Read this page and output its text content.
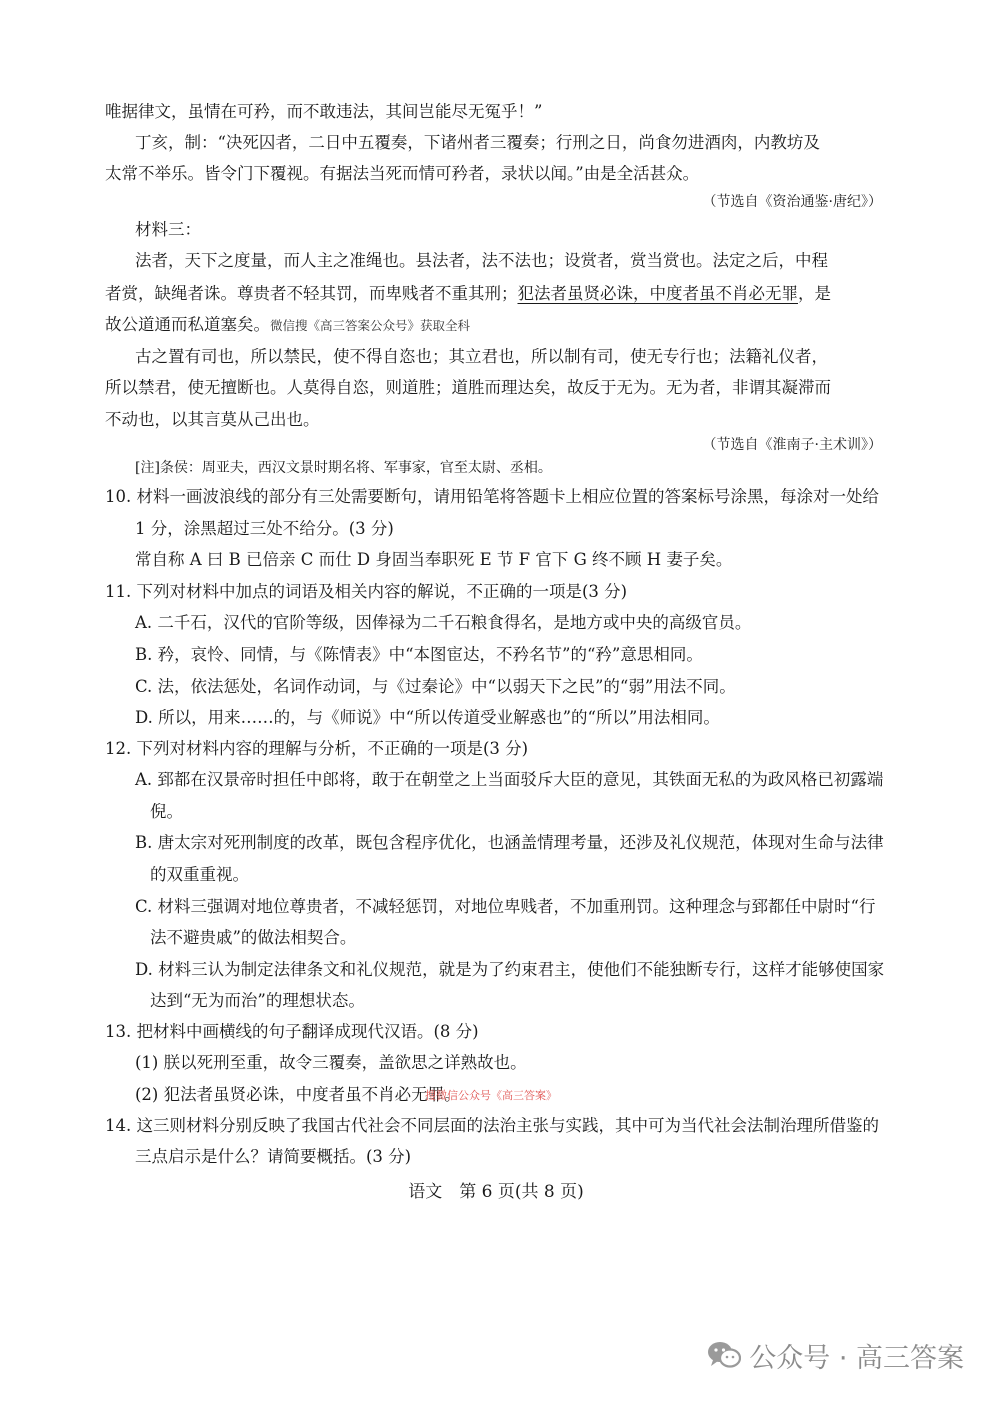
唯据律文，虽情在可矜，而不敢违法，其间岂能尽无冤乎！”
丁亥，制：“决死囚者，二日中五覆奏，下诸州者三覆奏；行刑之日，尚食勿进酒肉，内教坊及
太常不举乐。皆令门下覆视。有据法当死而情可矜者，录状以闻。”由是全活甚众。
（节选自《资治通鉴·唐纪》）
材料三：
法者，天下之度量，而人主之准绳也。县法者，法不法也；设赏者，赏当赏也。法定之后，中程
者赏，缺绳者诛。尊贵者不轻其罚，而卑贱者不重其刑；犯法者虽贤必诛，中度者虽不肖必无罪，是
故公道通而私道塞矣。微信搜《高三答案公众号》获取全科
古之置有司也，所以禁民，使不得自恣也；其立君也，所以制有司，使无专行也；法籍礼仪者，
所以禁君，使无擅断也。人莫得自恣，则道胜；道胜而理达矣，故反于无为。无为者，非谓其凝滞而
不动也，以其言莫从己出也。
（节选自《淮南子·主术训》）
[注]条侯：周亚夫，西汉文景时期名将、军事家，官至太尉、丞相。
10. 材料一画波浪线的部分有三处需要断句，请用铅笔将答题卡上相应位置的答案标号涂黑，每涂对一处给
1 分，涂黑超过三处不给分。(3 分)
常自称 A 曰 B 已倍亲 C 而仕 D 身固当奉职死 E 节 F 官下 G 终不顾 H 妻子矣。
11. 下列对材料中加点的词语及相关内容的解说，不正确的一项是(3 分)
A. 二千石，汉代的官阶等级，因俸禄为二千石粮食得名，是地方或中央的高级官员。
B. 矜，哀怜、同情，与《陈情表》中“本图宦达，不矜名节”的“矜”意思相同。
C. 法，依法惩处，名词作动词，与《过秦论》中“以弱天下之民”的“弱”用法不同。
D. 所以，用来……的，与《师说》中“所以传道受业解惑也”的“所以”用法相同。
12. 下列对材料内容的理解与分析，不正确的一项是(3 分)
A. 郅都在汉景帝时担任中郎将，敢于在朝堂之上当面驳斥大臣的意见，其铁面无私的为政风格已初露端
倪。
B. 唐太宗对死刑制度的改革，既包含程序优化，也涵盖情理考量，还涉及礼仪规范，体现对生命与法律
的双重重视。
C. 材料三强调对地位尊贵者，不减轻惩罚，对地位卑贱者，不加重刑罚。这种理念与郅都任中尉时“行
法不避贵戚”的做法相契合。
D. 材料三认为制定法律条文和礼仪规范，就是为了约束君主，使他们不能独断专行，这样才能够使国家
达到“无为而治”的理想状态。
13. 把材料中画横线的句子翻译成现代汉语。(8 分)
(1) 朕以死刑至重，故令三覆奏，盖欲思之详熟故也。
(2) 犯法者虽贤必诛，中度者虽不肖必无罪。
搜微信公众号《高三答案》
14. 这三则材料分别反映了我国古代社会不同层面的法治主张与实践，其中可为当代社会法制治理所借鉴的
三点启示是什么？请简要概括。(3 分)
语文　第 6 页(共 8 页)
公众号 · 高三答案
